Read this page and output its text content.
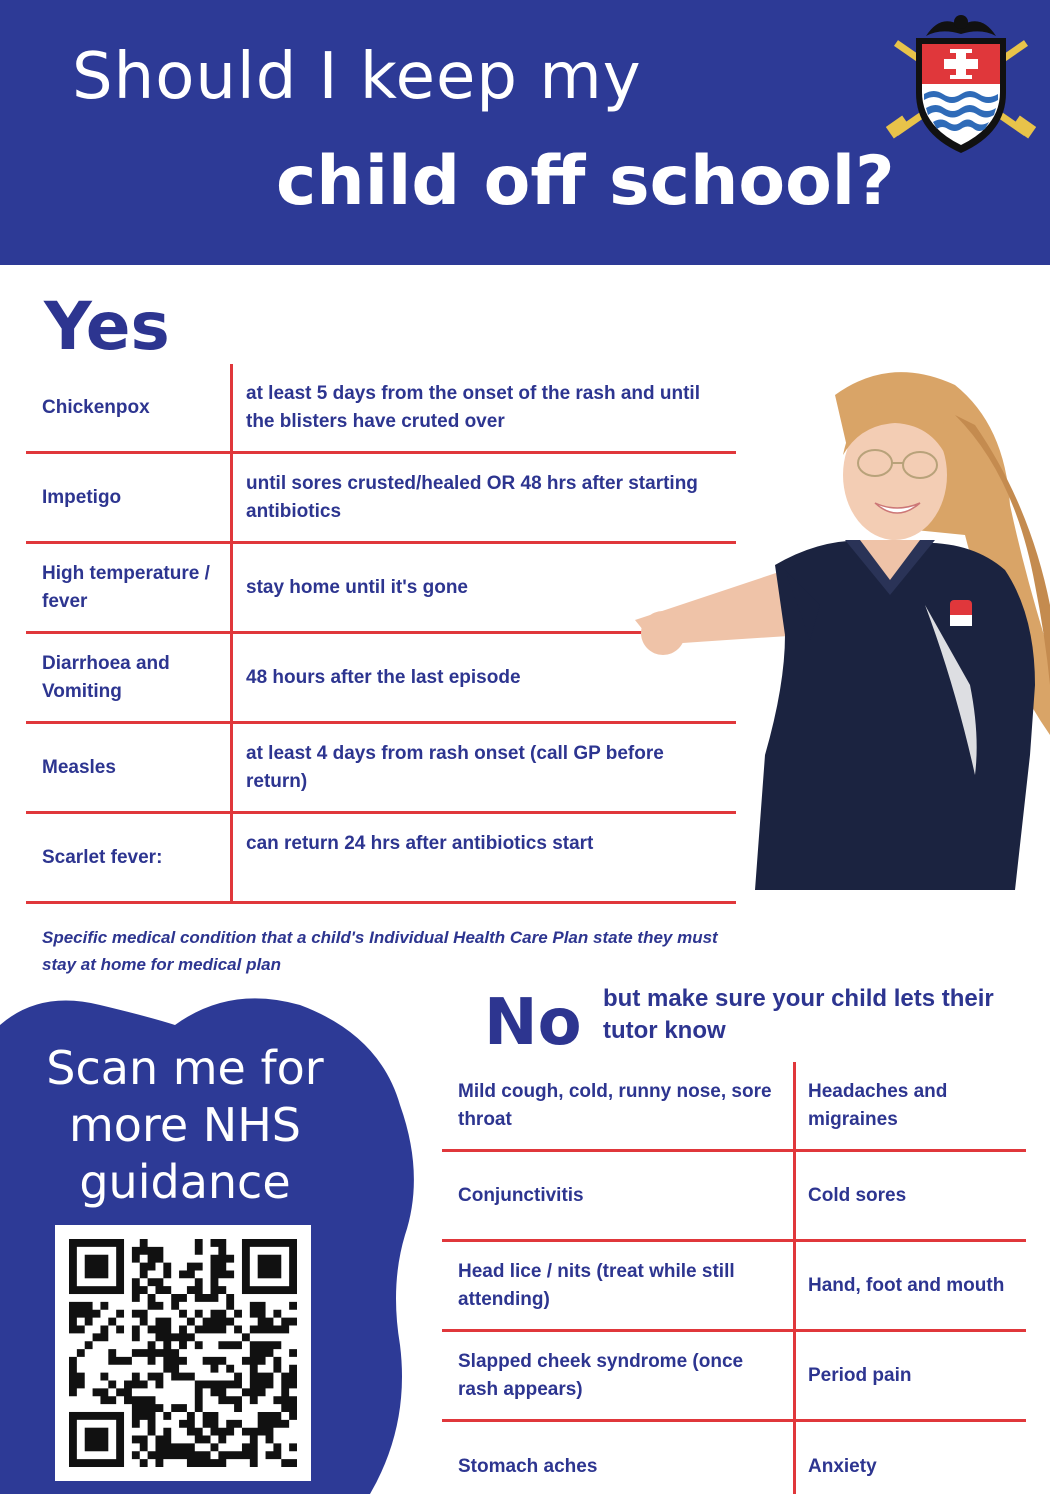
Should I keep my
child off school?
Yes
Chickenpox
at least 5 days from the onset of the rash and until the blisters have cruted over
Impetigo
until sores crusted/healed OR 48 hrs after starting antibiotics
High temperature / fever
stay home until it's gone
Diarrhoea and Vomiting
48 hours after the last episode
Measles
at least 4 days from rash onset (call GP before return)
Scarlet fever:
can return 24 hrs after antibiotics start
Specific medical condition that a child's Individual Health Care Plan state they must stay at home for medical plan
Scan me for more NHS guidance
No but make sure your child lets their tutor know
Mild cough, cold, runny nose, sore throat
Headaches and migraines
Conjunctivitis	Cold sores
Head lice / nits (treat while still attending)
Hand, foot and mouth
Slapped cheek syndrome (once rash appears)
Period pain
Stomach aches	Anxiety
